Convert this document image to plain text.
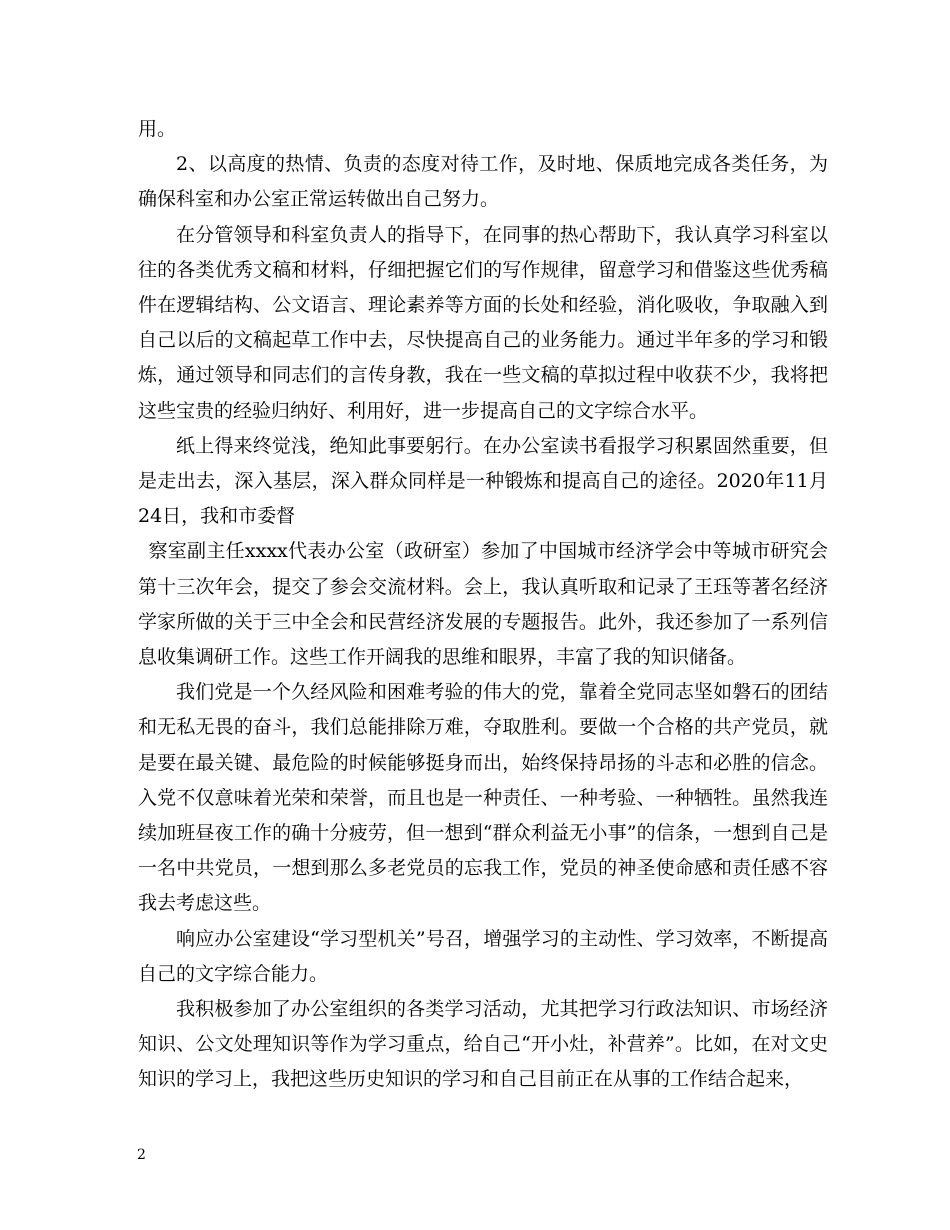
用。

2、以高度的热情、负责的态度对待工作，及时地、保质地完成各类任务，为确保科室和办公室正常运转做出自己努力。

在分管领导和科室负责人的指导下，在同事的热心帮助下，我认真学习科室以往的各类优秀文稿和材料，仔细把握它们的写作规律，留意学习和借鉴这些优秀稿件在逻辑结构、公文语言、理论素养等方面的长处和经验，消化吸收，争取融入到自己以后的文稿起草工作中去，尽快提高自己的业务能力。通过半年多的学习和锻炼，通过领导和同志们的言传身教，我在一些文稿的草拟过程中收获不少，我将把这些宝贵的经验归纳好、利用好，进一步提高自己的文字综合水平。

纸上得来终觉浅，绝知此事要躬行。在办公室读书看报学习积累固然重要，但是走出去，深入基层，深入群众同样是一种锻炼和提高自己的途径。2020年11月24日，我和市委督

察室副主任xxxx代表办公室（政研室）参加了中国城市经济学会中等城市研究会第十三次年会，提交了参会交流材料。会上，我认真听取和记录了王珏等著名经济学家所做的关于三中全会和民营经济发展的专题报告。此外，我还参加了一系列信息收集调研工作。这些工作开阔我的思维和眼界，丰富了我的知识储备。

我们党是一个久经风险和困难考验的伟大的党，靠着全党同志坚如磐石的团结和无私无畏的奋斗，我们总能排除万难，夺取胜利。要做一个合格的共产党员，就是要在最关键、最危险的时候能够挺身而出，始终保持昂扬的斗志和必胜的信念。入党不仅意味着光荣和荣誉，而且也是一种责任、一种考验、一种牺牲。虽然我连续加班昼夜工作的确十分疲劳，但一想到“群众利益无小事”的信条，一想到自己是一名中共党员，一想到那么多老党员的忘我工作，党员的神圣使命感和责任感不容我去考虑这些。

响应办公室建设“学习型机关”号召，增强学习的主动性、学习效率，不断提高自己的文字综合能力。

我积极参加了办公室组织的各类学习活动，尤其把学习行政法知识、市场经济知识、公文处理知识等作为学习重点，给自己“开小灶，补营养”。比如，在对文史知识的学习上，我把这些历史知识的学习和自己目前正在从事的工作结合起来，

2
